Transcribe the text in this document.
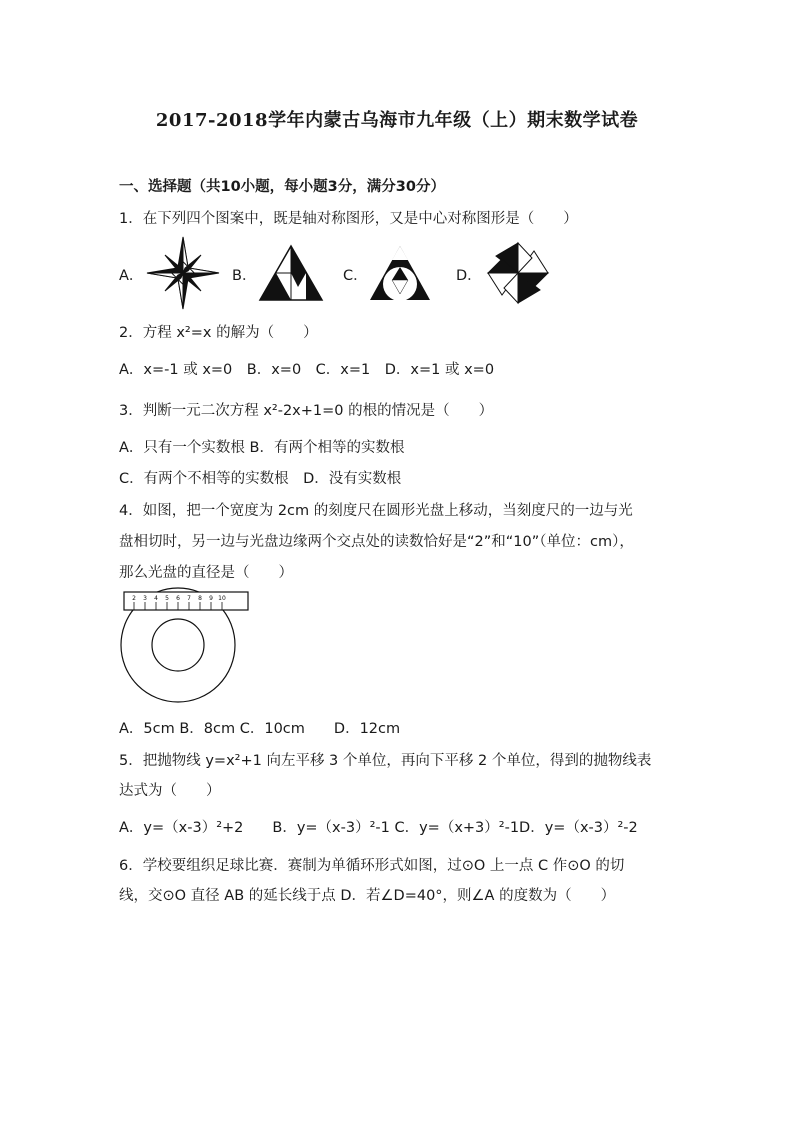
2017-2018学年内蒙古乌海市九年级（上）期末数学试卷
一、选择题（共10小题，每小题3分，满分30分）
1．在下列四个图案中，既是轴对称图形，又是中心对称图形是（　　）
A．	B．	C．	D．
2．方程 x²=x 的解为（　　）
A．x=-1 或 x=0　B．x=0　C．x=1　D．x=1 或 x=0
3．判断一元二次方程 x²-2x+1=0 的根的情况是（　　）
A．只有一个实数根 B．有两个相等的实数根
C．有两个不相等的实数根　D．没有实数根
4．如图，把一个宽度为 2cm 的刻度尺在圆形光盘上移动，当刻度尺的一边与光
盘相切时，另一边与光盘边缘两个交点处的读数恰好是“2”和“10”（单位：cm），
那么光盘的直径是（　　）
2 3 4 5 6 7 8 9 10
A．5cm B．8cm C．10cm　　D．12cm
5．把抛物线 y=x²+1 向左平移 3 个单位，再向下平移 2 个单位，得到的抛物线表
达式为（　　）
A．y=（x-3）²+2　　B．y=（x-3）²-1 C．y=（x+3）²-1D．y=（x-3）²-2
6．学校要组织足球比赛．赛制为单循环形式如图，过⊙O 上一点 C 作⊙O 的切
线，交⊙O 直径 AB 的延长线于点 D．若∠D=40°，则∠A 的度数为（　　）
